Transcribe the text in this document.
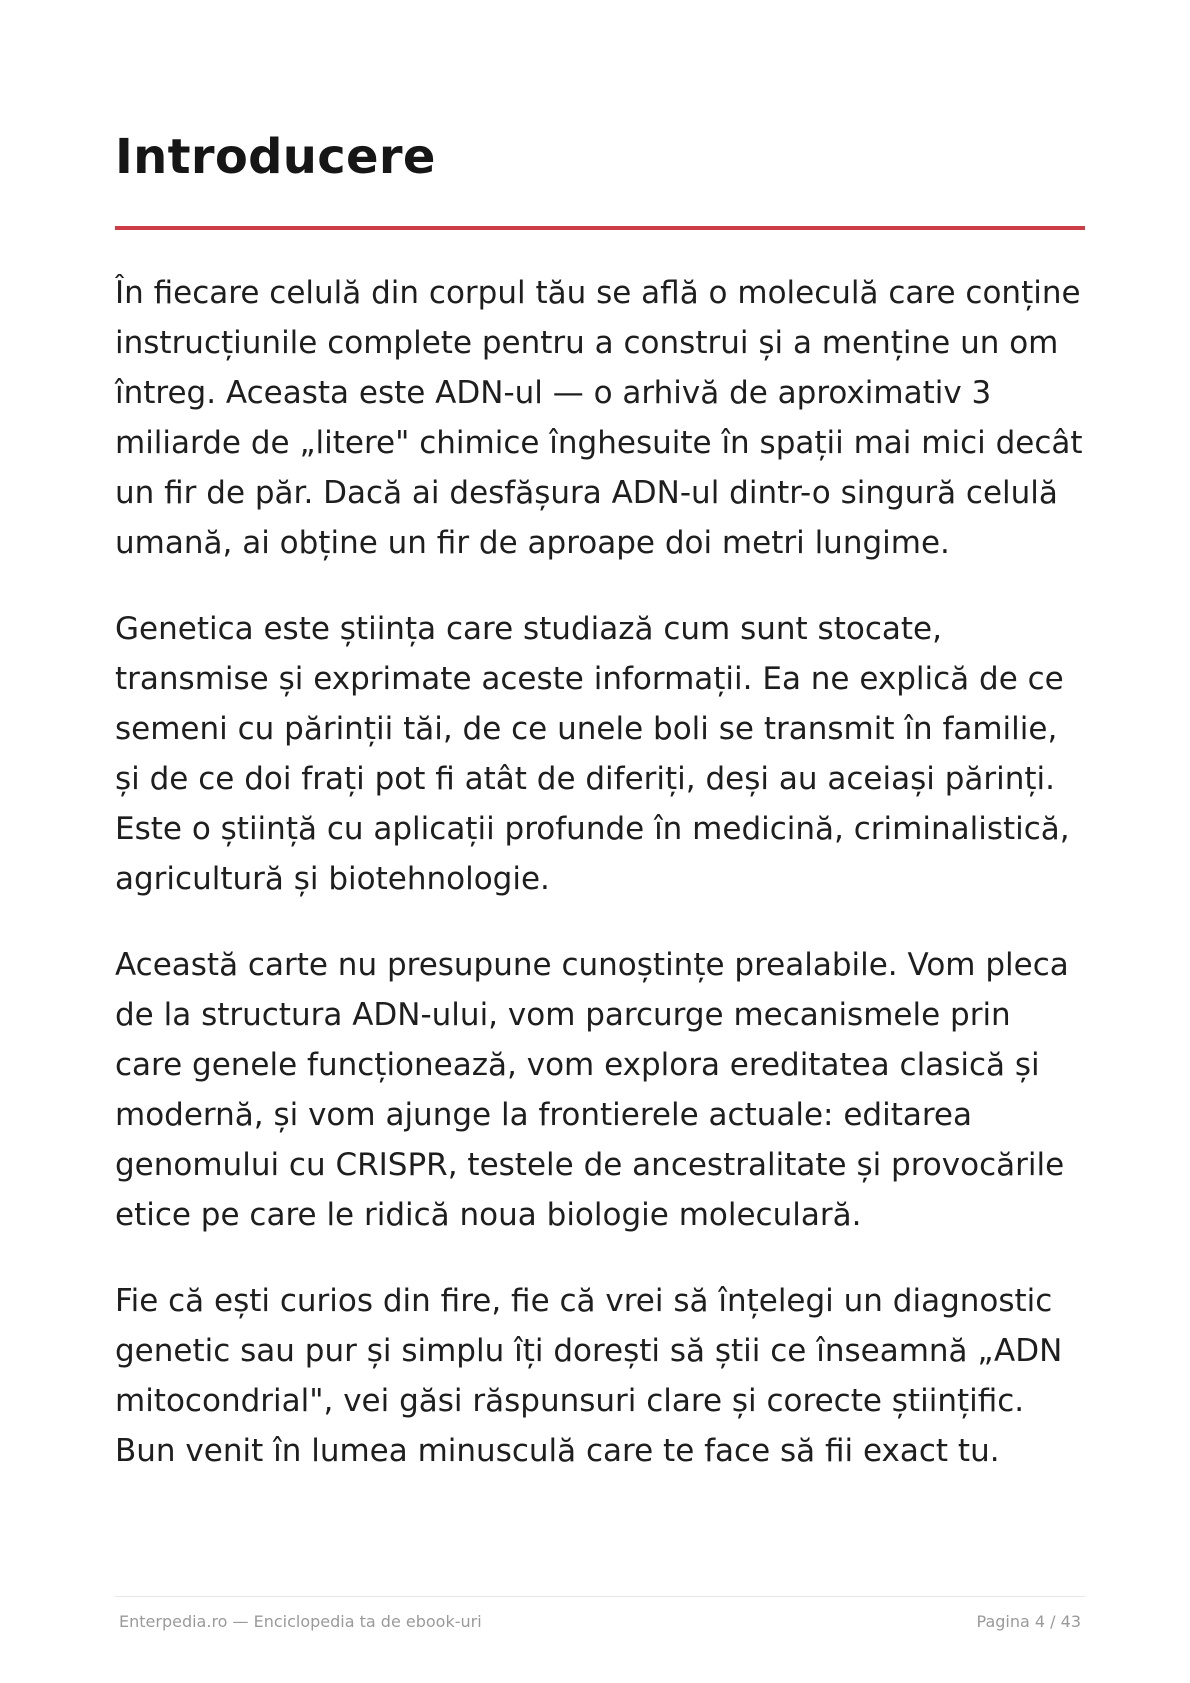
Introducere

În fiecare celulă din corpul tău se află o moleculă care conține instrucțiunile complete pentru a construi și a menține un om întreg. Aceasta este ADN-ul — o arhivă de aproximativ 3 miliarde de „litere" chimice înghesuite în spații mai mici decât un fir de păr. Dacă ai desfășura ADN-ul dintr-o singură celulă umană, ai obține un fir de aproape doi metri lungime.

Genetica este știința care studiază cum sunt stocate, transmise și exprimate aceste informații. Ea ne explică de ce semeni cu părinții tăi, de ce unele boli se transmit în familie, și de ce doi frați pot fi atât de diferiți, deși au aceiași părinți. Este o știință cu aplicații profunde în medicină, criminalistică, agricultură și biotehnologie.

Această carte nu presupune cunoștințe prealabile. Vom pleca de la structura ADN-ului, vom parcurge mecanismele prin care genele funcționează, vom explora ereditatea clasică și modernă, și vom ajunge la frontierele actuale: editarea genomului cu CRISPR, testele de ancestralitate și provocările etice pe care le ridică noua biologie moleculară.

Fie că ești curios din fire, fie că vrei să înțelegi un diagnostic genetic sau pur și simplu îți dorești să știi ce înseamnă „ADN mitocondrial", vei găsi răspunsuri clare și corecte științific. Bun venit în lumea minusculă care te face să fii exact tu.

Enterpedia.ro — Enciclopedia ta de ebook-uri	Pagina 4 / 43
